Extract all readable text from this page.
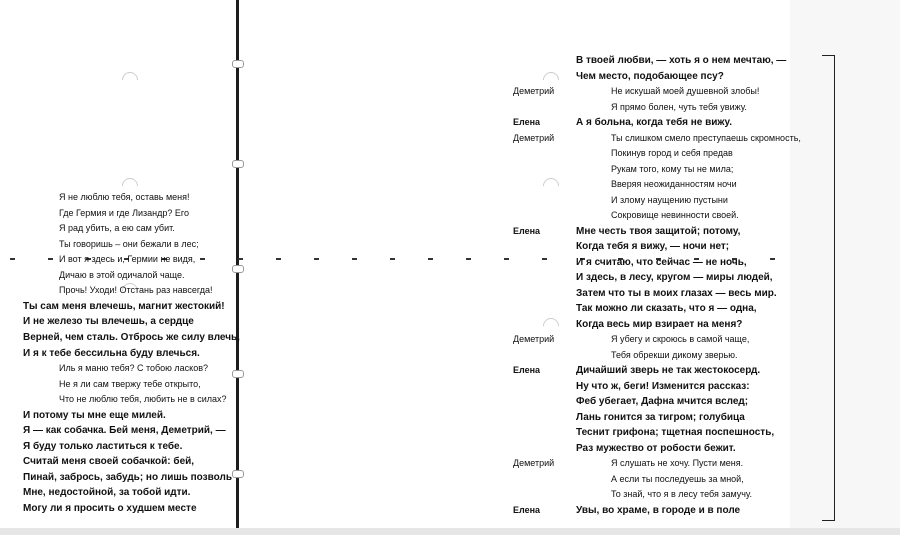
Я не люблю тебя, оставь меня!
Где Гермия и где Лизандр? Его
Я рад убить, а ею сам убит.
Ты говоришь – они бежали в лес;
И вот я здесь и, Гермии не видя,
Дичаю в этой одичалой чаще.
Прочь! Уходи! Отстань раз навсегда!
Ты сам меня влечешь, магнит жестокий!
И не железо ты влечешь, а сердце
Верней, чем сталь. Отбрось же силу влечь,
И я к тебе бессильна буду влечься.
Иль я маню тебя? С тобою ласков?
Не я ли сам твержу тебе открыто,
Что не люблю тебя, любить не в силах?
И потому ты мне еще милей.
Я — как собачка. Бей меня, Деметрий, —
Я буду только ластиться к тебе.
Считай меня своей собачкой: бей,
Пинай, забрось, забудь; но лишь позволь
Мне, недостойной, за тобой идти.
Могу ли я просить о худшем месте
В твоей любви, — хоть я о нем мечтаю, —
Чем место, подобающее псу?
Деметрий	Не искушай моей душевной злобы!
Я прямо болен, чуть тебя увижу.
Елена	А я больна, когда тебя не вижу.
Деметрий	Ты слишком смело преступаешь скромность,
Покинув город и себя предав
Рукам того, кому ты не мила;
Вверяя неожиданностям ночи
И злому наущению пустыни
Сокровище невинности своей.
Елена	Мне честь твоя защитой; потому,
Когда тебя я вижу, — ночи нет;
И я считаю, что сейчас — не ночь,
И здесь, в лесу, кругом — миры людей,
Затем что ты в моих глазах — весь мир.
Так можно ли сказать, что я — одна,
Когда весь мир взирает на меня?
Деметрий	Я убегу и скроюсь в самой чаще,
Тебя обрекши дикому зверью.
Елена	Дичайший зверь не так жестокосерд.
Ну что ж, беги! Изменится рассказ:
Феб убегает, Дафна мчится вслед;
Лань гонится за тигром; голубица
Теснит грифона; тщетная поспешность,
Раз мужество от робости бежит.
Деметрий	Я слушать не хочу. Пусти меня.
А если ты последуешь за мной,
То знай, что я в лесу тебя замучу.
Елена	Увы, во храме, в городе и в поле
